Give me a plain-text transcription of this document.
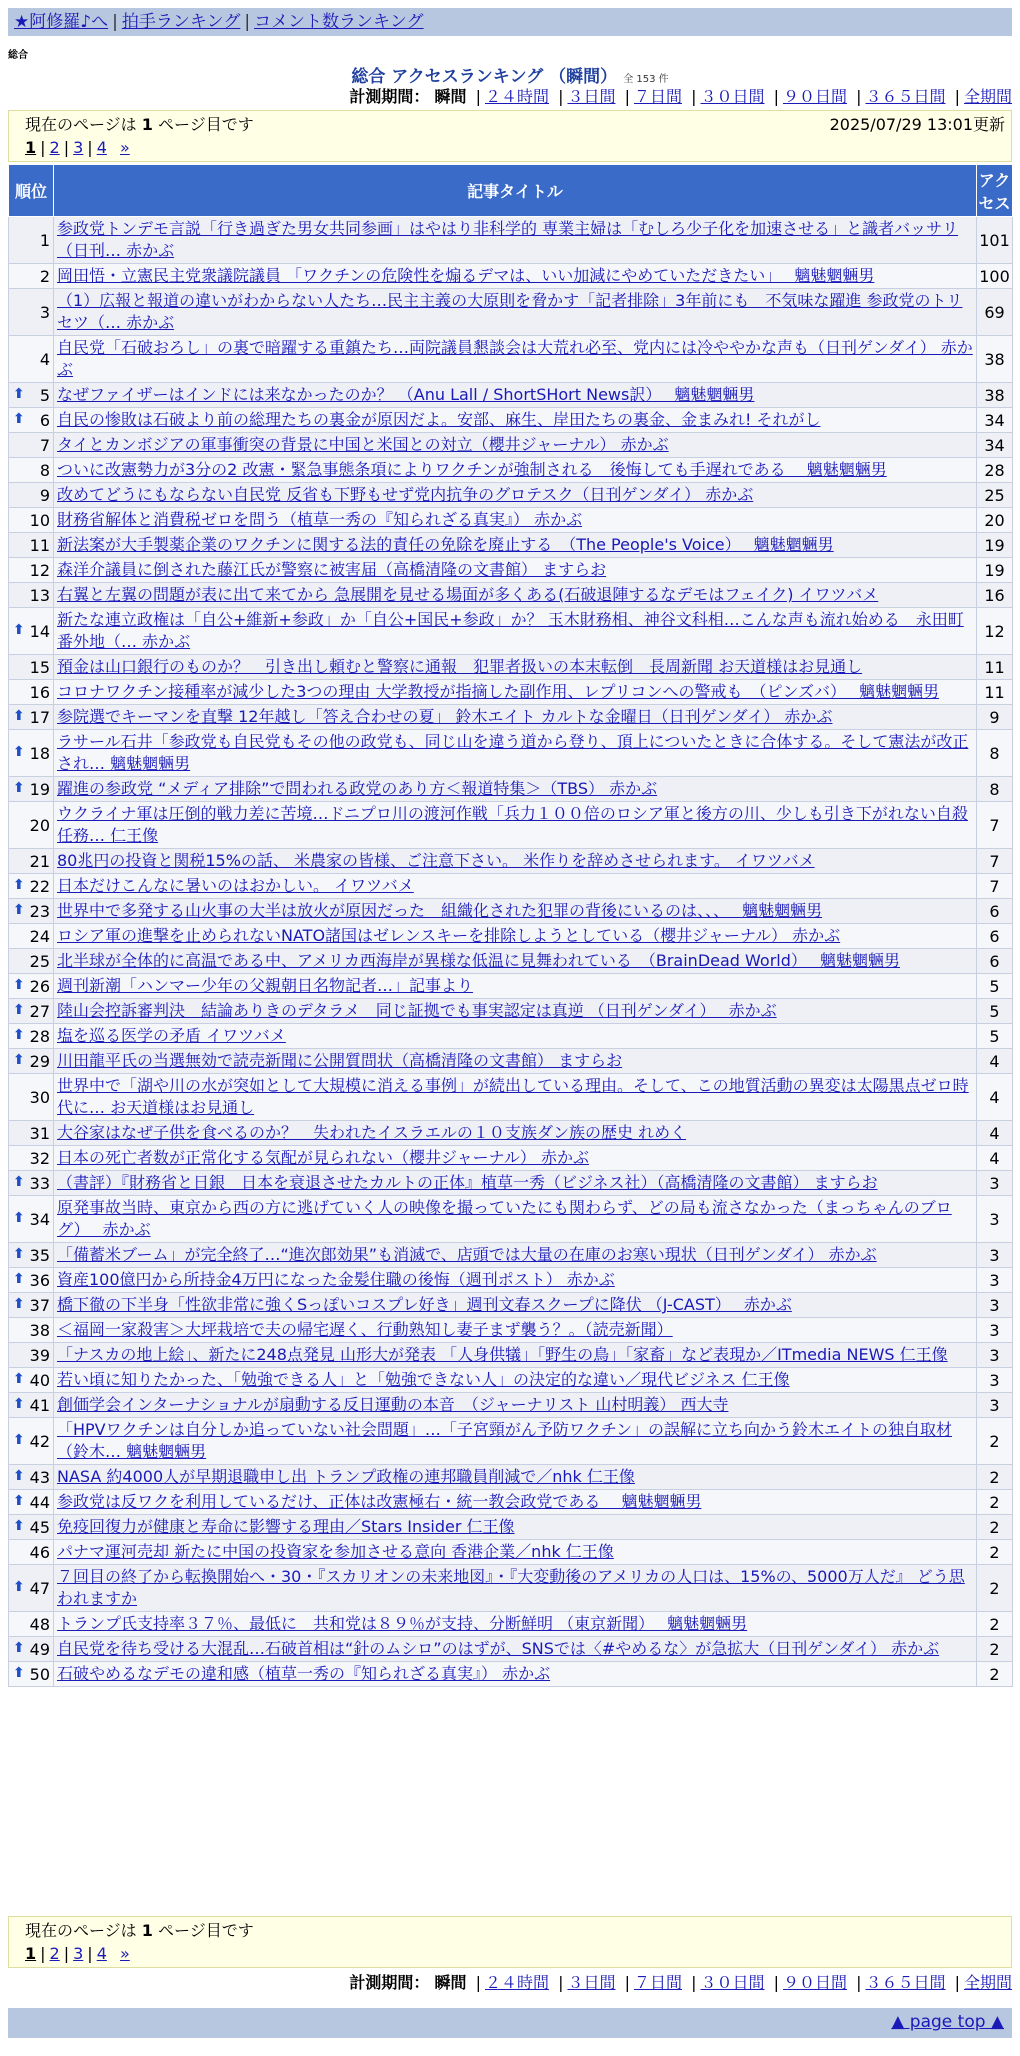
★阿修羅♪へ | 拍手ランキング | コメント数ランキング
総合
総合 アクセスランキング （瞬間） 全 153 件
計測期間： 瞬間 | ２４時間 | ３日間 | ７日間 | ３０日間 | ９０日間 | ３６５日間 | 全期間
現在のページは 1 ページ目です	2025/07/29 13:01更新
1 | 2 | 3 | 4 »
順位	記事タイトル	アクセス
1	参政党トンデモ言説「行き過ぎた男女共同参画」はやはり非科学的 専業主婦は「むしろ少子化を加速させる」と識者バッサリ（日刊… 赤かぶ	101
2	岡田悟・立憲民主党衆議院議員 「ワクチンの危険性を煽るデマは、いい加減にやめていただきたい」　 魑魅魍魎男	100
3	（1）広報と報道の違いがわからない人たち…民主主義の大原則を脅かす「記者排除」3年前にも　不気味な躍進 参政党のトリセツ（… 赤かぶ	69
4	自民党「石破おろし」の裏で暗躍する重鎮たち…両院議員懇談会は大荒れ必至、党内には冷ややかな声も（日刊ゲンダイ） 赤かぶ	38

⬆ 5	なぜファイザーはインドには来なかったのか？ （Anu Lall / ShortSHort News訳）　 魑魅魍魎男	38

⬆ 6	自民の惨敗は石破より前の総理たちの裏金が原因だよ。安部、麻生、岸田たちの裏金、金まみれ! それがし	34
7	タイとカンボジアの軍事衝突の背景に中国と米国との対立（櫻井ジャーナル） 赤かぶ	34
8	ついに改憲勢力が3分の2 改憲・緊急事態条項によりワクチンが強制される　後悔しても手遅れである　 魑魅魍魎男	28
9	改めてどうにもならない自民党 反省も下野もせず党内抗争のグロテスク（日刊ゲンダイ） 赤かぶ	25
10	財務省解体と消費税ゼロを問う（植草一秀の『知られざる真実』） 赤かぶ	20
11	新法案が大手製薬企業のワクチンに関する法的責任の免除を廃止する　（The People's Voice）　 魑魅魍魎男	19
12	森洋介議員に倒された藤江氏が警察に被害届（高橋清隆の文書館） ますらお	19
13	右翼と左翼の問題が表に出て来てから 急展開を見せる場面が多くある(石破退陣するなデモはフェイク) イワツバメ	16

⬆ 14	新たな連立政権は「自公+維新+参政」か「自公+国民+参政」か？ 玉木財務相、神谷文科相…こんな声も流れ始める　永田町番外地（… 赤かぶ	12
15	預金は山口銀行のものか？　引き出し頼むと警察に通報　犯罪者扱いの本末転倒　長周新聞 お天道様はお見通し	11
16	コロナワクチン接種率が減少した3つの理由 大学教授が指摘した副作用、レプリコンへの警戒も　（ピンズバ）　 魑魅魍魎男	11

⬆ 17	参院選でキーマンを直撃 12年越し「答え合わせの夏」 鈴木エイト カルトな金曜日（日刊ゲンダイ） 赤かぶ	9

⬆ 18	ラサール石井「参政党も自民党もその他の政党も、同じ山を違う道から登り、頂上についたときに合体する。そして憲法が改正され… 魑魅魍魎男	8

⬆ 19	躍進の参政党 “メディア排除”で問われる政党のあり方＜報道特集＞（TBS） 赤かぶ	8
20	ウクライナ軍は圧倒的戦力差に苦境…ドニプロ川の渡河作戦「兵力１００倍のロシア軍と後方の川、少しも引き下がれない自殺任務… 仁王像	7
21	80兆円の投資と関税15%の話、 米農家の皆様、ご注意下さい。 米作りを辞めさせられます。 イワツバメ	7

⬆ 22	日本だけこんなに暑いのはおかしい。 イワツバメ	7

⬆ 23	世界中で多発する山火事の大半は放火が原因だった　組織化された犯罪の背後にいるのは、、、　 魑魅魍魎男	6
24	ロシア軍の進撃を止められないNATO諸国はゼレンスキーを排除しようとしている（櫻井ジャーナル） 赤かぶ	6
25	北半球が全体的に高温である中、アメリカ西海岸が異様な低温に見舞われている　（BrainDead World）　 魑魅魍魎男	6

⬆ 26	週刊新潮「ハンマー少年の父親朝日名物記者…」記事より	5

⬆ 27	陸山会控訴審判決　結論ありきのデタラメ　同じ証拠でも事実認定は真逆 （日刊ゲンダイ）　 赤かぶ	5

⬆ 28	塩を巡る医学の矛盾 イワツバメ	5

⬆ 29	川田龍平氏の当選無効で読売新聞に公開質問状（高橋清隆の文書館） ますらお	4
30	世界中で「湖や川の水が突如として大規模に消える事例」が続出している理由。そして、この地質活動の異変は太陽黒点ゼロ時代に… お天道様はお見通し	4
31	大谷家はなぜ子供を食べるのか？　失われたイスラエルの１０支族ダン族の歴史 れめく	4
32	日本の死亡者数が正常化する気配が見られない（櫻井ジャーナル） 赤かぶ	4

⬆ 33	（書評）『財務省と日銀　日本を衰退させたカルトの正体』植草一秀（ビジネス社）（高橋清隆の文書館） ますらお	3

⬆ 34	原発事故当時、東京から西の方に逃げていく人の映像を撮っていたにも関わらず、どの局も流さなかった（まっちゃんのブログ）　 赤かぶ	3

⬆ 35	「備蓄米ブーム」が完全終了…“進次郎効果”も消滅で、店頭では大量の在庫のお寒い現状（日刊ゲンダイ） 赤かぶ	3

⬆ 36	資産100億円から所持金4万円になった金髪住職の後悔（週刊ポスト） 赤かぶ	3

⬆ 37	橋下徹の下半身「性欲非常に強くSっぽいコスプレ好き」週刊文春スクープに降伏 （J-CAST）　 赤かぶ	3
38	＜福岡一家殺害＞大坪栽培で夫の帰宅遅く、行動熟知し妻子まず襲う？。（読売新聞）	3
39	「ナスカの地上絵」、新たに248点発見 山形大が発表 「人身供犠」「野生の鳥」「家畜」など表現か／ITmedia NEWS 仁王像	3

⬆ 40	若い頃に知りたかった、「勉強できる人」と「勉強できない人」の決定的な違い／現代ビジネス 仁王像	3

⬆ 41	創価学会インターナショナルが扇動する反日運動の本音　（ジャーナリスト 山村明義） 西大寺	3

⬆ 42	「HPVワクチンは自分しか追っていない社会問題」…「子宮頸がん予防ワクチン」の誤解に立ち向かう鈴木エイトの独自取材（鈴木… 魑魅魍魎男	2

⬆ 43	NASA 約4000人が早期退職申し出 トランプ政権の連邦職員削減で／nhk 仁王像	2

⬆ 44	参政党は反ワクを利用しているだけ、正体は改憲極右・統一教会政党である　 魑魅魍魎男	2

⬆ 45	免疫回復力が健康と寿命に影響する理由／Stars Insider 仁王像	2
46	パナマ運河売却 新たに中国の投資家を参加させる意向 香港企業／nhk 仁王像	2

⬆ 47	７回目の終了から転換開始へ・30・『スカリオンの未来地図』・『大変動後のアメリカの人口は、15%の、5000万人だ』 どう思われますか	2
48	トランプ氏支持率３７％、最低に　共和党は８９％が支持、分断鮮明 （東京新聞）　 魑魅魍魎男	2

⬆ 49	自民党を待ち受ける大混乱…石破首相は“針のムシロ”のはずが、SNSでは〈#やめるな〉が急拡大（日刊ゲンダイ） 赤かぶ	2

⬆ 50	石破やめるなデモの違和感（植草一秀の『知られざる真実』） 赤かぶ	2
現在のページは 1 ページ目です
1 | 2 | 3 | 4 »
計測期間： 瞬間 | ２４時間 | ３日間 | ７日間 | ３０日間 | ９０日間 | ３６５日間 | 全期間
▲ page top ▲
